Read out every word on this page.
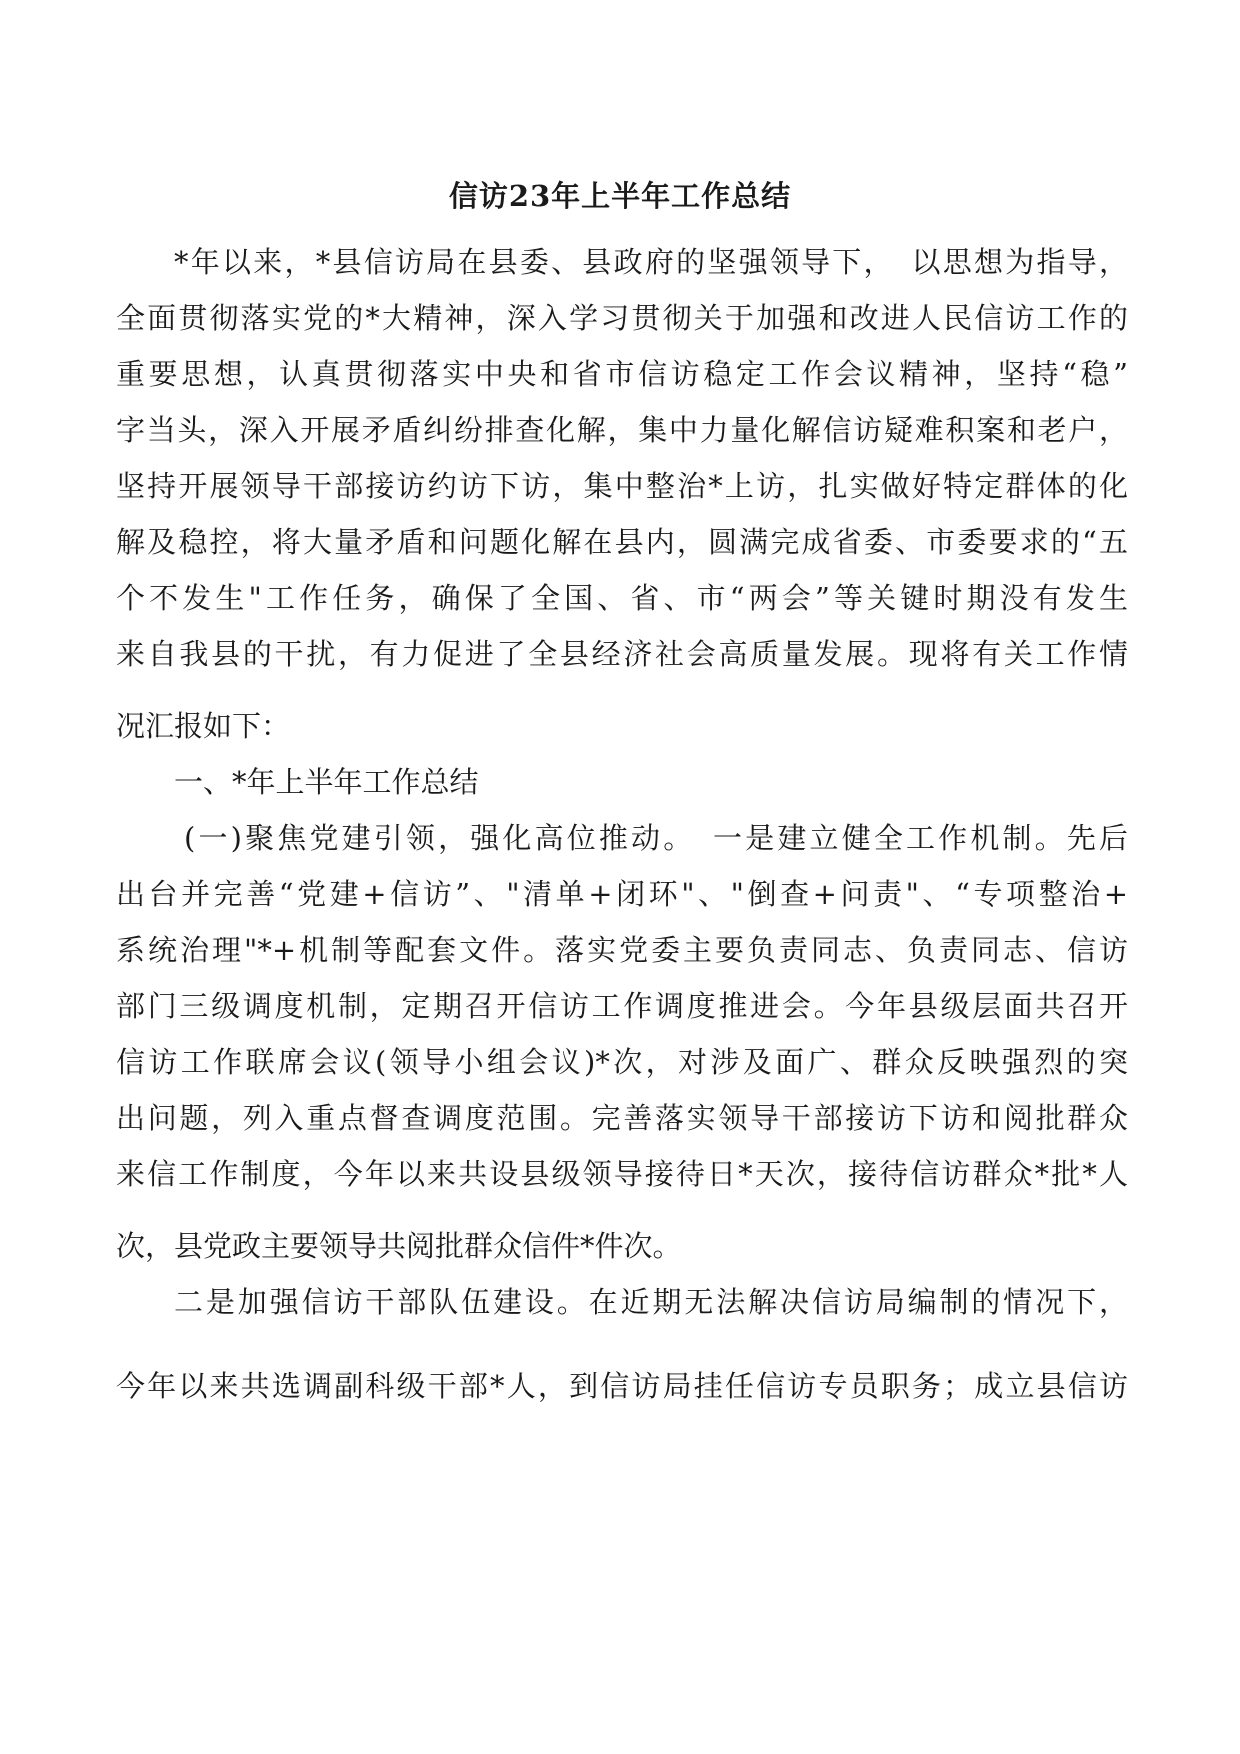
信访23年上半年工作总结
*年以来，*县信访局在县委、县政府的坚强领导下，　以思想为指导，
全面贯彻落实党的*大精神，深入学习贯彻关于加强和改进人民信访工作的
重要思想，认真贯彻落实中央和省市信访稳定工作会议精神，坚持“稳”
字当头，深入开展矛盾纠纷排查化解，集中力量化解信访疑难积案和老户，
坚持开展领导干部接访约访下访，集中整治*上访，扎实做好特定群体的化
解及稳控，将大量矛盾和问题化解在县内，圆满完成省委、市委要求的“五
个不发生"工作任务，确保了全国、省、市“两会”等关键时期没有发生
来自我县的干扰，有力促进了全县经济社会高质量发展。现将有关工作情
况汇报如下：
一、*年上半年工作总结
(一)聚焦党建引领，强化高位推动。　一是建立健全工作机制。先后
出台并完善“党建+信访”、"清单+闭环"、"倒查+问责"、“专项整治+
系统治理"*+机制等配套文件。落实党委主要负责同志、负责同志、信访
部门三级调度机制，定期召开信访工作调度推进会。今年县级层面共召开
信访工作联席会议(领导小组会议)*次，对涉及面广、群众反映强烈的突
出问题，列入重点督查调度范围。完善落实领导干部接访下访和阅批群众
来信工作制度，今年以来共设县级领导接待日*天次，接待信访群众*批*人
次，县党政主要领导共阅批群众信件*件次。
二是加强信访干部队伍建设。在近期无法解决信访局编制的情况下，
今年以来共选调副科级干部*人，到信访局挂任信访专员职务；成立县信访
